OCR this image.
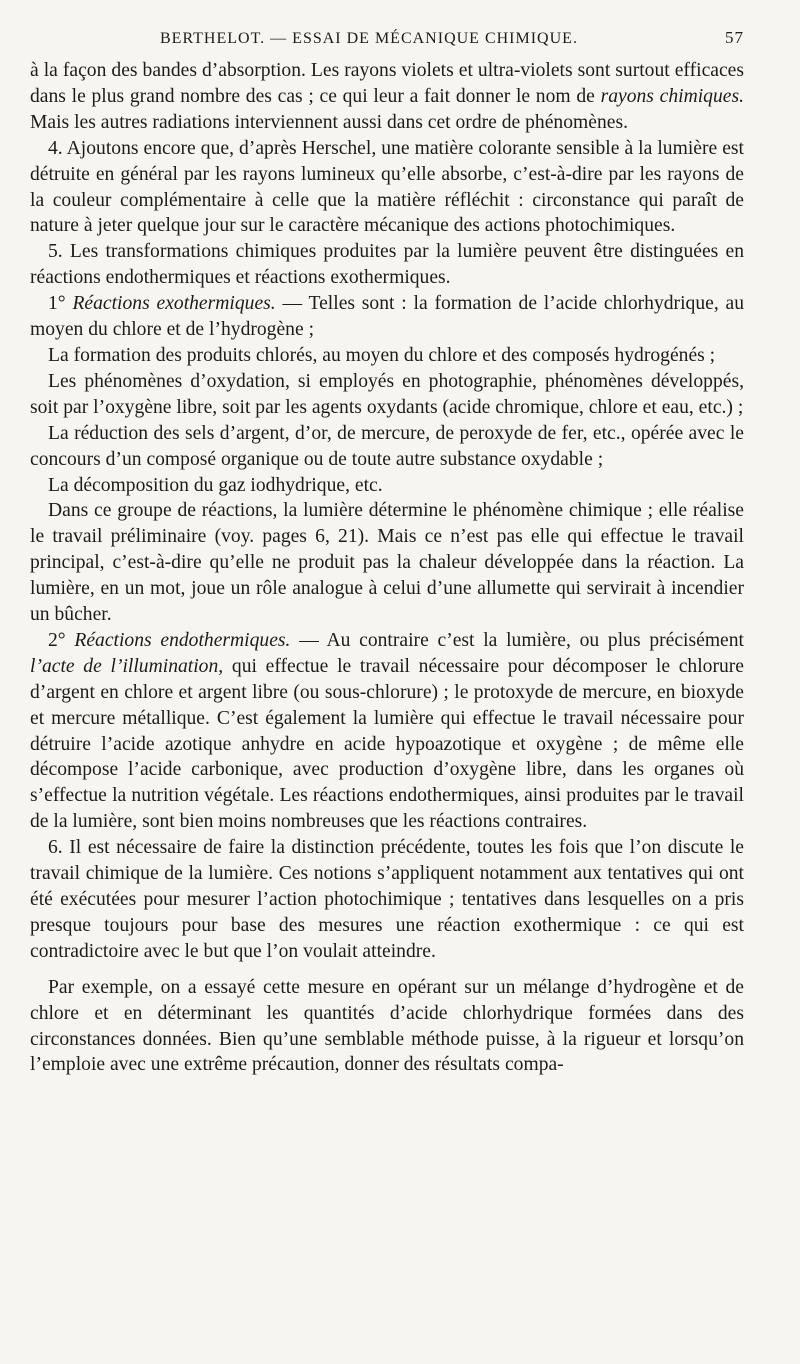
BERTHELOT. — ESSAI DE MÉCANIQUE CHIMIQUE.	57

à la façon des bandes d’absorption. Les rayons violets et ultra-violets sont surtout efficaces dans le plus grand nombre des cas ; ce qui leur a fait donner le nom de rayons chimiques. Mais les autres radiations interviennent aussi dans cet ordre de phénomènes.

4. Ajoutons encore que, d’après Herschel, une matière colorante sensible à la lumière est détruite en général par les rayons lumineux qu’elle absorbe, c’est-à-dire par les rayons de la couleur complémentaire à celle que la matière réfléchit : circonstance qui paraît de nature à jeter quelque jour sur le caractère mécanique des actions photochimiques.

5. Les transformations chimiques produites par la lumière peuvent être distinguées en réactions endothermiques et réactions exothermiques.

1° Réactions exothermiques. — Telles sont : la formation de l’acide chlorhydrique, au moyen du chlore et de l’hydrogène ;

La formation des produits chlorés, au moyen du chlore et des composés hydrogénés ;

Les phénomènes d’oxydation, si employés en photographie, phénomènes développés, soit par l’oxygène libre, soit par les agents oxydants (acide chromique, chlore et eau, etc.) ;

La réduction des sels d’argent, d’or, de mercure, de peroxyde de fer, etc., opérée avec le concours d’un composé organique ou de toute autre substance oxydable ;

La décomposition du gaz iodhydrique, etc.

Dans ce groupe de réactions, la lumière détermine le phénomène chimique ; elle réalise le travail préliminaire (voy. pages 6, 21). Mais ce n’est pas elle qui effectue le travail principal, c’est-à-dire qu’elle ne produit pas la chaleur développée dans la réaction. La lumière, en un mot, joue un rôle analogue à celui d’une allumette qui servirait à incendier un bûcher.

2° Réactions endothermiques. — Au contraire c’est la lumière, ou plus précisément l’acte de l’illumination, qui effectue le travail nécessaire pour décomposer le chlorure d’argent en chlore et argent libre (ou sous-chlorure) ; le protoxyde de mercure, en bioxyde et mercure métallique. C’est également la lumière qui effectue le travail nécessaire pour détruire l’acide azotique anhydre en acide hypoazotique et oxygène ; de même elle décompose l’acide carbonique, avec production d’oxygène libre, dans les organes où s’effectue la nutrition végétale. Les réactions endothermiques, ainsi produites par le travail de la lumière, sont bien moins nombreuses que les réactions contraires.

6. Il est nécessaire de faire la distinction précédente, toutes les fois que l’on discute le travail chimique de la lumière. Ces notions s’appliquent notamment aux tentatives qui ont été exécutées pour mesurer l’action photochimique ; tentatives dans lesquelles on a pris presque toujours pour base des mesures une réaction exothermique : ce qui est contradictoire avec le but que l’on voulait atteindre.

Par exemple, on a essayé cette mesure en opérant sur un mélange d’hydrogène et de chlore et en déterminant les quantités d’acide chlorhydrique formées dans des circonstances données. Bien qu’une semblable méthode puisse, à la rigueur et lorsqu’on l’emploie avec une extrême précaution, donner des résultats compa-
